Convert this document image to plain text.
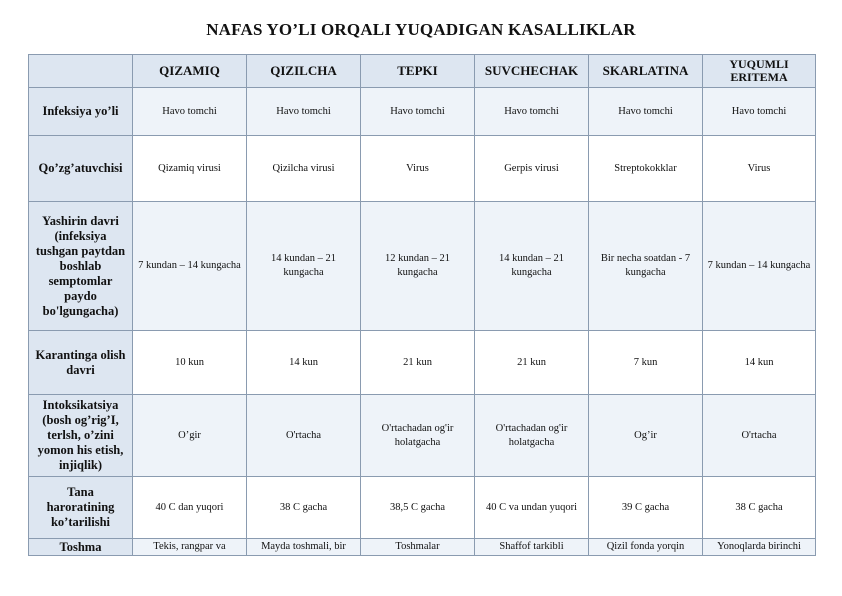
NAFAS YO’LI ORQALI YUQADIGAN KASALLIKLAR
	QIZAMIQ	QIZILCHA	TEPKI	SUVCHECHAK	SKARLATINA	YUQUMLI ERITEMA
Infeksiya yo’li	Havo tomchi	Havo tomchi	Havo tomchi	Havo tomchi	Havo tomchi	Havo tomchi
Qo’zg’atuvchisi	Qizamiq virusi	Qizilcha virusi	Virus	Gerpis virusi	Streptokokklar	Virus
Yashirin davri (infeksiya tushgan paytdan boshlab semptomlar paydo bo'lgungacha)	7 kundan – 14 kungacha	14 kundan – 21 kungacha	12 kundan – 21 kungacha	14 kundan – 21 kungacha	Bir necha soatdan - 7 kungacha	7 kundan – 14 kungacha
Karantinga olish davri	10 kun	14 kun	21 kun	21 kun	7 kun	14 kun
Intoksikatsiya (bosh og’rig’I, terlsh, o’zini yomon his etish, injiqlik)	O’gir	O'rtacha	O'rtachadan og'ir holatgacha	O'rtachadan og'ir holatgacha	Og’ir	O'rtacha
Tana haroratining ko’tarilishi	40 C dan yuqori	38 C gacha	38,5 C gacha	40 C va undan yuqori	39 C gacha	38 C gacha
Toshma	Tekis, rangpar va	Mayda toshmali, bir	Toshmalar	Shaffof tarkibli	Qizil fonda yorqin	Yonoqlarda birinchi
